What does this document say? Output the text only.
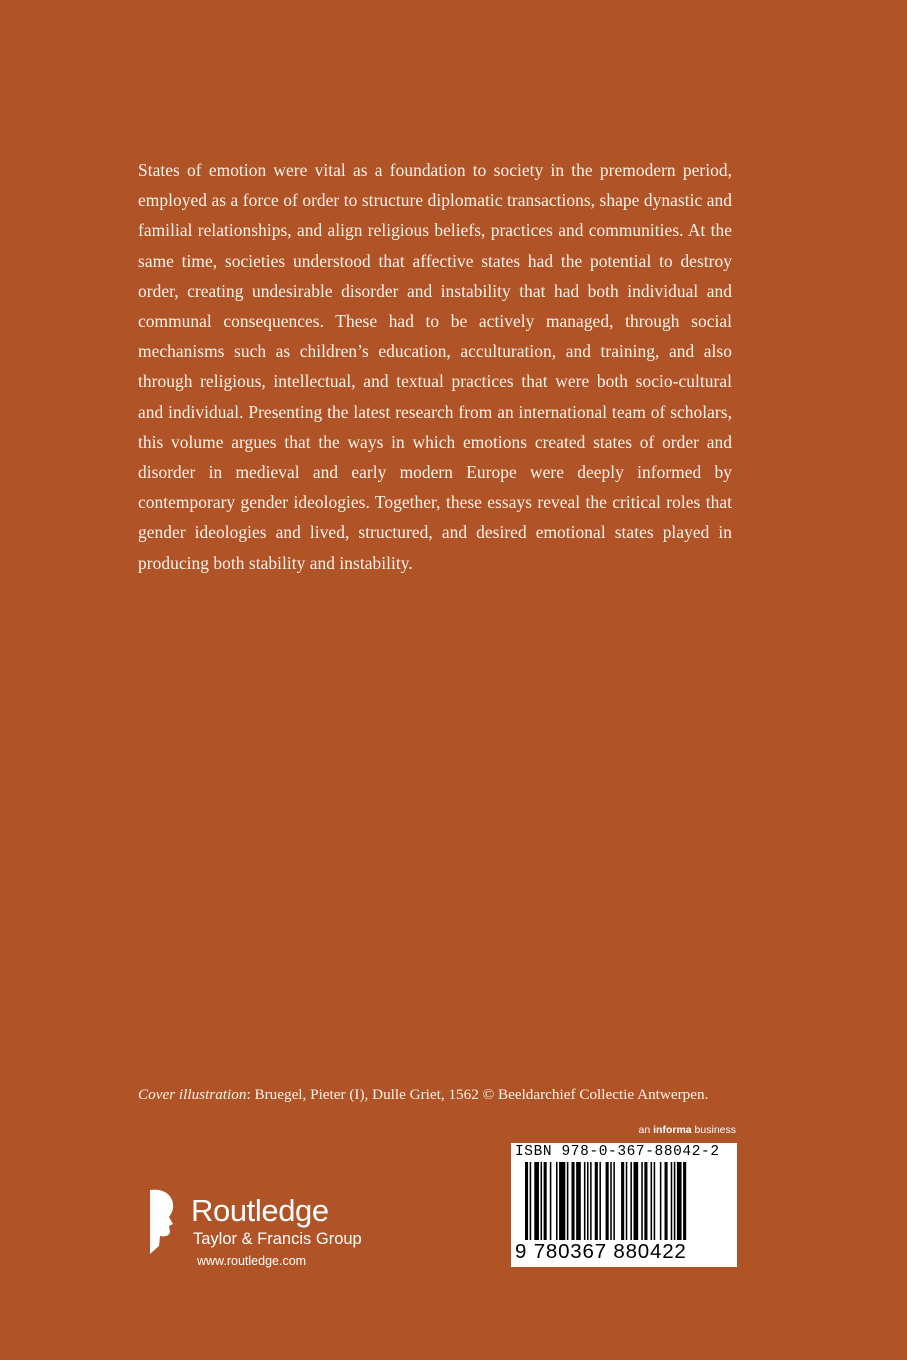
States of emotion were vital as a foundation to society in the premodern period, employed as a force of order to structure diplomatic transactions, shape dynastic and familial relationships, and align religious beliefs, practices and communities. At the same time, societies understood that affective states had the potential to destroy order, creating undesirable disorder and instability that had both individual and communal consequences. These had to be actively managed, through social mechanisms such as children’s education, acculturation, and training, and also through religious, intellectual, and textual practices that were both socio-cultural and individual. Presenting the latest research from an international team of scholars, this volume argues that the ways in which emotions created states of order and disorder in medieval and early modern Europe were deeply informed by contemporary gender ideologies. Together, these essays reveal the critical roles that gender ideologies and lived, structured, and desired emotional states played in producing both stability and instability.

Cover illustration: Bruegel, Pieter (I), Dulle Griet, 1562 © Beeldarchief Collectie Antwerpen.
an informa business
ISBN 978-0-367-88042-2
9 780367 880422
ROUTLEDGE Routledge
Taylor & Francis Group
www.routledge.com
